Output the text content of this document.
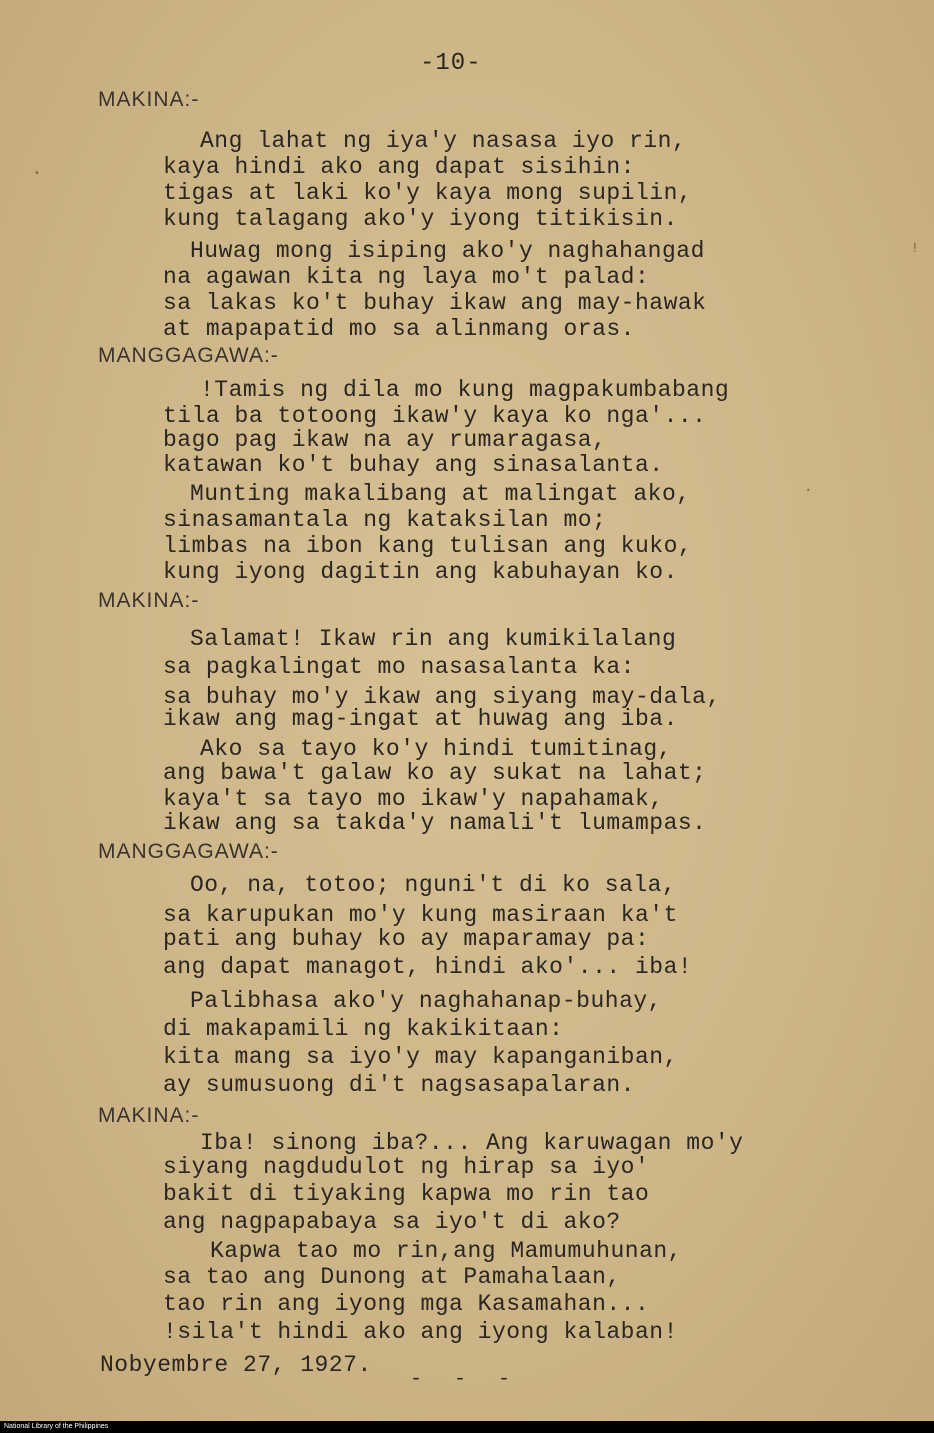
-10-
MAKINA:-
Ang lahat ng iya'y nasasa iyo rin,
kaya hindi ako ang dapat sisihin:
tigas at laki ko'y kaya mong supilin,
kung talagang ako'y iyong titikisin.
Huwag mong isiping ako'y naghahangad
na agawan kita ng laya mo't palad:
sa lakas ko't buhay ikaw ang may-hawak
at mapapatid mo sa alinmang oras.
MANGGAGAWA:-
!Tamis ng dila mo kung magpakumbabang
tila ba totoong ikaw'y kaya ko nga'...
bago pag ikaw na ay rumaragasa,
katawan ko't buhay ang sinasalanta.
Munting makalibang at malingat ako,
sinasamantala ng kataksilan mo;
limbas na ibon kang tulisan ang kuko,
kung iyong dagitin ang kabuhayan ko.
MAKINA:-
Salamat! Ikaw rin ang kumikilalang
sa pagkalingat mo nasasalanta ka:
sa buhay mo'y ikaw ang siyang may-dala,
ikaw ang mag-ingat at huwag ang iba.
Ako sa tayo ko'y hindi tumitinag,
ang bawa't galaw ko ay sukat na lahat;
kaya't sa tayo mo ikaw'y napahamak,
ikaw ang sa takda'y namali't lumampas.
MANGGAGAWA:-
Oo, na, totoo; nguni't di ko sala,
sa karupukan mo'y kung masiraan ka't
pati ang buhay ko ay maparamay pa:
ang dapat managot, hindi ako'... iba!
Palibhasa ako'y naghahanap-buhay,
di makapamili ng kakikitaan:
kita mang sa iyo'y may kapanganiban,
ay sumusuong di't nagsasapalaran.
MAKINA:-
Iba! sinong iba?... Ang karuwagan mo'y
siyang nagdudulot ng hirap sa iyo'
bakit di tiyaking kapwa mo rin tao
ang nagpapabaya sa iyo't di ako?
Kapwa tao mo rin,ang Mamumuhunan,
sa tao ang Dunong at Pamahalaan,
tao rin ang iyong mga Kasamahan...
!sila't hindi ako ang iyong kalaban!
Nobyembre 27, 1927.
- - -
•
ꜝ
•
National Library of the Philippines
